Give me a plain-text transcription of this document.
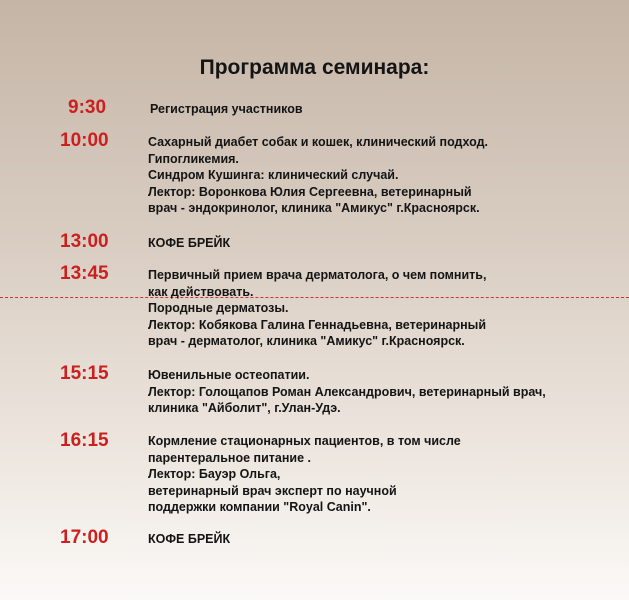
Программа семинара:
9:30	Регистрация участников
10:00	Сахарный диабет собак и кошек, клинический подход.
Гипогликемия.
Синдром Кушинга: клинический случай.
Лектор: Воронкова Юлия Сергеевна, ветеринарный
врач - эндокринолог, клиника "Амикус" г.Красноярск.
13:00	КОФЕ БРЕЙК
13:45	Первичный прием врача дерматолога, о чем помнить,
как действовать.
Породные дерматозы.
Лектор: Кобякова Галина Геннадьевна, ветеринарный
врач - дерматолог, клиника "Амикус" г.Красноярск.
15:15	Ювенильные остеопатии.
Лектор: Голощапов Роман Александрович, ветеринарный врач,
клиника "Айболит", г.Улан-Удэ.
16:15	Кормление стационарных пациентов, в том числе
парентеральное питание .
Лектор: Бауэр Ольга,
ветеринарный врач эксперт по научной
поддержки компании "Royal Canin".
17:00	КОФЕ БРЕЙК
